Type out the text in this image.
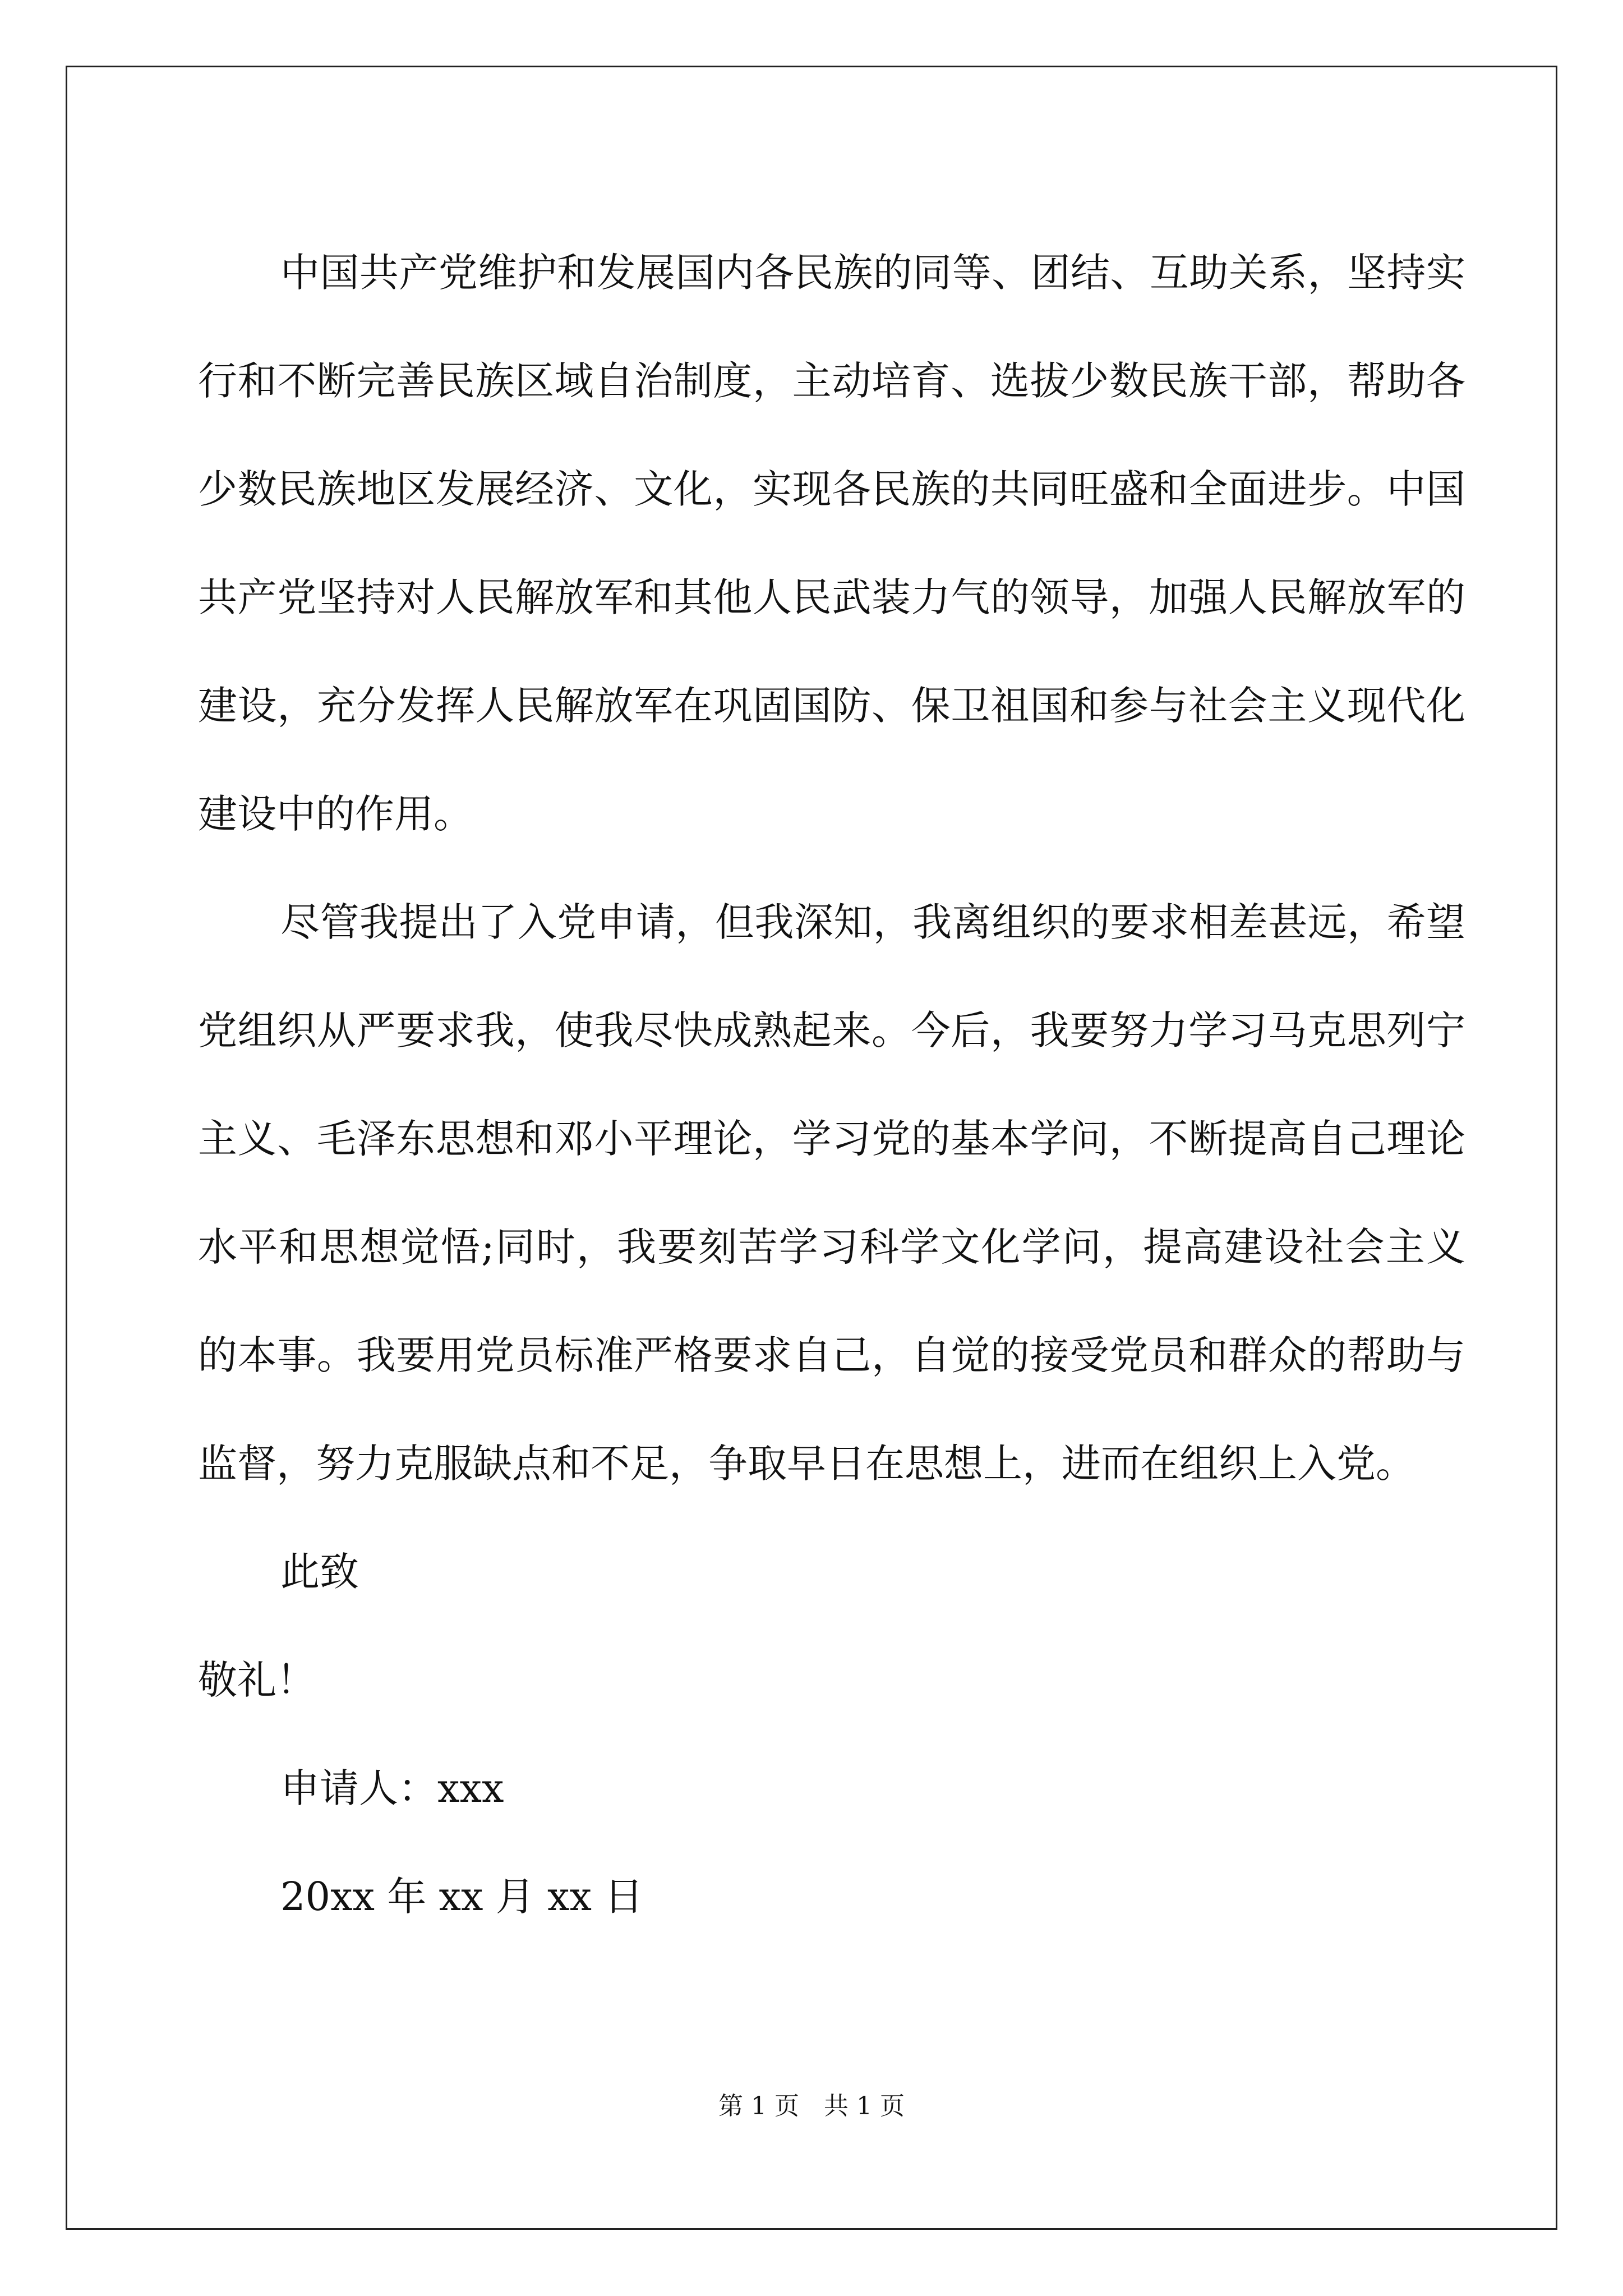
中国共产党维护和发展国内各民族的同等、团结、互助关系，坚持实行和不断完善民族区域自治制度，主动培育、选拔少数民族干部，帮助各少数民族地区发展经济、文化，实现各民族的共同旺盛和全面进步。中国共产党坚持对人民解放军和其他人民武装力气的领导，加强人民解放军的建设，充分发挥人民解放军在巩固国防、保卫祖国和参与社会主义现代化建设中的作用。

尽管我提出了入党申请，但我深知，我离组织的要求相差甚远，希望党组织从严要求我，使我尽快成熟起来。今后，我要努力学习马克思列宁主义、毛泽东思想和邓小平理论，学习党的基本学问，不断提高自己理论水平和思想觉悟;同时，我要刻苦学习科学文化学问，提高建设社会主义的本事。我要用党员标准严格要求自己，自觉的接受党员和群众的帮助与监督，努力克服缺点和不足，争取早日在思想上，进而在组织上入党。

此致

敬礼！

申请人：xxx

20xx 年 xx 月 xx 日

第 1 页　共 1 页
